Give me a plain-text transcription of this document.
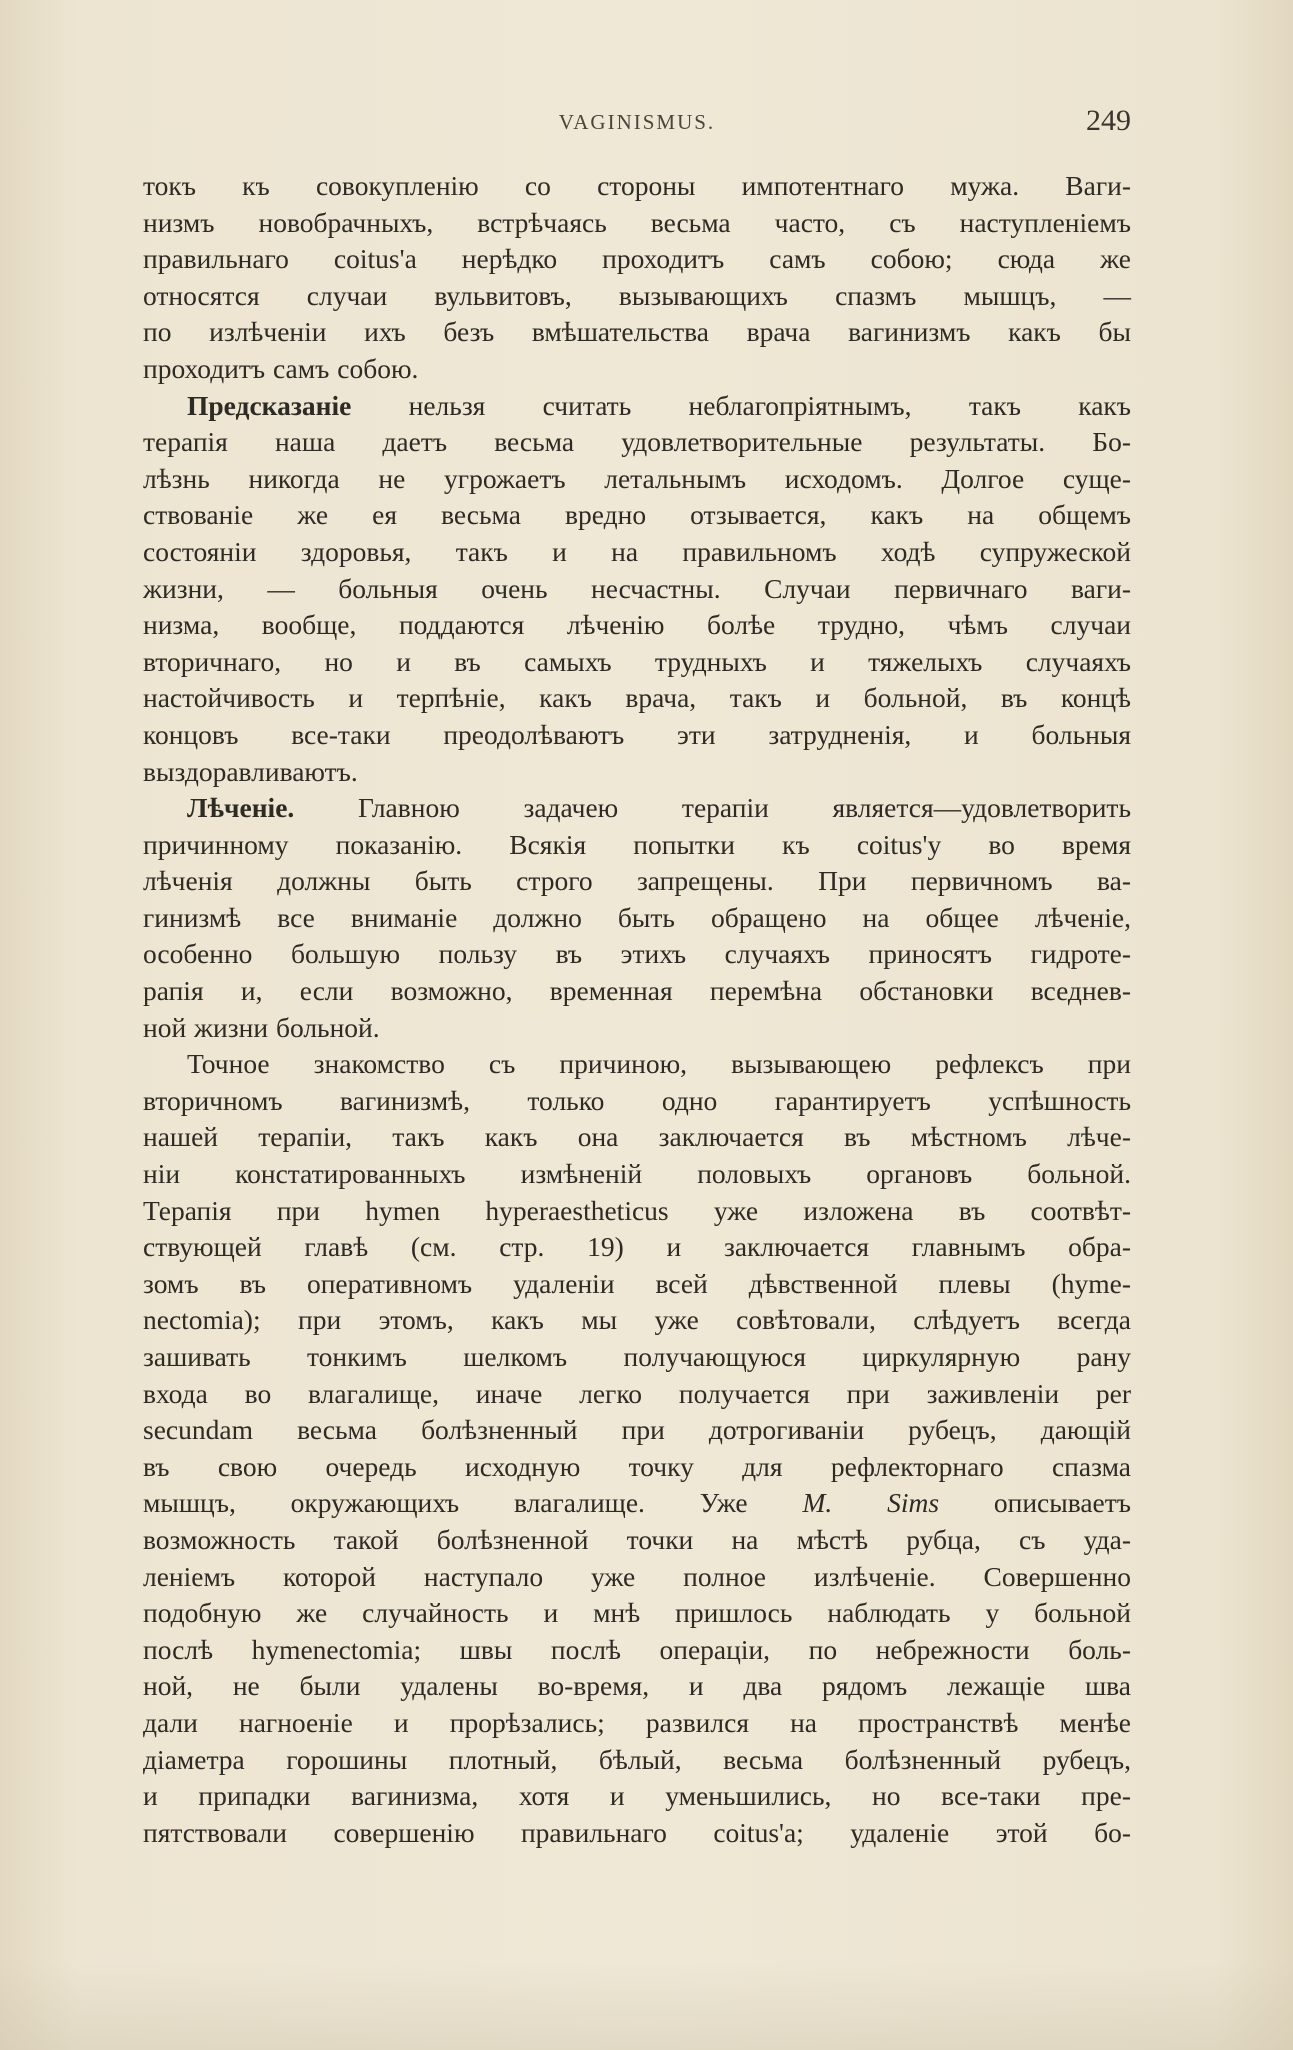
VAGINISMUS.	249
токъ къ совокупленію со стороны импотентнаго мужа. Ваги-
низмъ новобрачныхъ, встрѣчаясь весьма часто, съ наступленіемъ
правильнаго coitus'а нерѣдко проходитъ самъ собою; сюда же
относятся случаи вульвитовъ, вызывающихъ спазмъ мышцъ, —
по излѣченіи ихъ безъ вмѣшательства врача вагинизмъ какъ бы
проходитъ самъ собою.
Предсказаніе нельзя считать неблагопріятнымъ, такъ какъ
терапія наша даетъ весьма удовлетворительные результаты. Бо-
лѣзнь никогда не угрожаетъ летальнымъ исходомъ. Долгое суще-
ствованіе же ея весьма вредно отзывается, какъ на общемъ
состояніи здоровья, такъ и на правильномъ ходѣ супружеской
жизни, — больныя очень несчастны. Случаи первичнаго ваги-
низма, вообще, поддаются лѣченію болѣе трудно, чѣмъ случаи
вторичнаго, но и въ самыхъ трудныхъ и тяжелыхъ случаяхъ
настойчивость и терпѣніе, какъ врача, такъ и больной, въ концѣ
концовъ все-таки преодолѣваютъ эти затрудненія, и больныя
выздоравливаютъ.
Лѣченіе. Главною задачею терапіи является—удовлетворить
причинному показанію. Всякія попытки къ coitus'у во время
лѣченія должны быть строго запрещены. При первичномъ ва-
гинизмѣ все вниманіе должно быть обращено на общее лѣченіе,
особенно большую пользу въ этихъ случаяхъ приносятъ гидроте-
рапія и, если возможно, временная перемѣна обстановки вседнев-
ной жизни больной.
Точное знакомство съ причиною, вызывающею рефлексъ при
вторичномъ вагинизмѣ, только одно гарантируетъ успѣшность
нашей терапіи, такъ какъ она заключается въ мѣстномъ лѣче-
ніи констатированныхъ измѣненій половыхъ органовъ больной.
Терапія при hymen hyperaesthеticus уже изложена въ соотвѣт-
ствующей главѣ (см. стр. 19) и заключается главнымъ обра-
зомъ въ оперативномъ удаленіи всей дѣвственной плевы (hyme-
nectomia); при этомъ, какъ мы уже совѣтовали, слѣдуетъ всегда
зашивать тонкимъ шелкомъ получающуюся циркулярную рану
входа во влагалище, иначе легко получается при заживленіи per
secundam весьма болѣзненный при дотрогиваніи рубецъ, дающій
въ свою очередь исходную точку для рефлекторнаго спазма
мышцъ, окружающихъ влагалище. Уже M. Sims описываетъ
возможность такой болѣзненной точки на мѣстѣ рубца, съ уда-
леніемъ которой наступало уже полное излѣченіе. Совершенно
подобную же случайность и мнѣ пришлось наблюдать у больной
послѣ hymenectomia; швы послѣ операціи, по небрежности боль-
ной, не были удалены во-время, и два рядомъ лежащіе шва
дали нагноеніе и прорѣзались; развился на пространствѣ менѣе
діаметра горошины плотный, бѣлый, весьма болѣзненный рубецъ,
и припадки вагинизма, хотя и уменьшились, но все-таки пре-
пятствовали совершенію правильнаго coitus'а; удаленіе этой бо-
